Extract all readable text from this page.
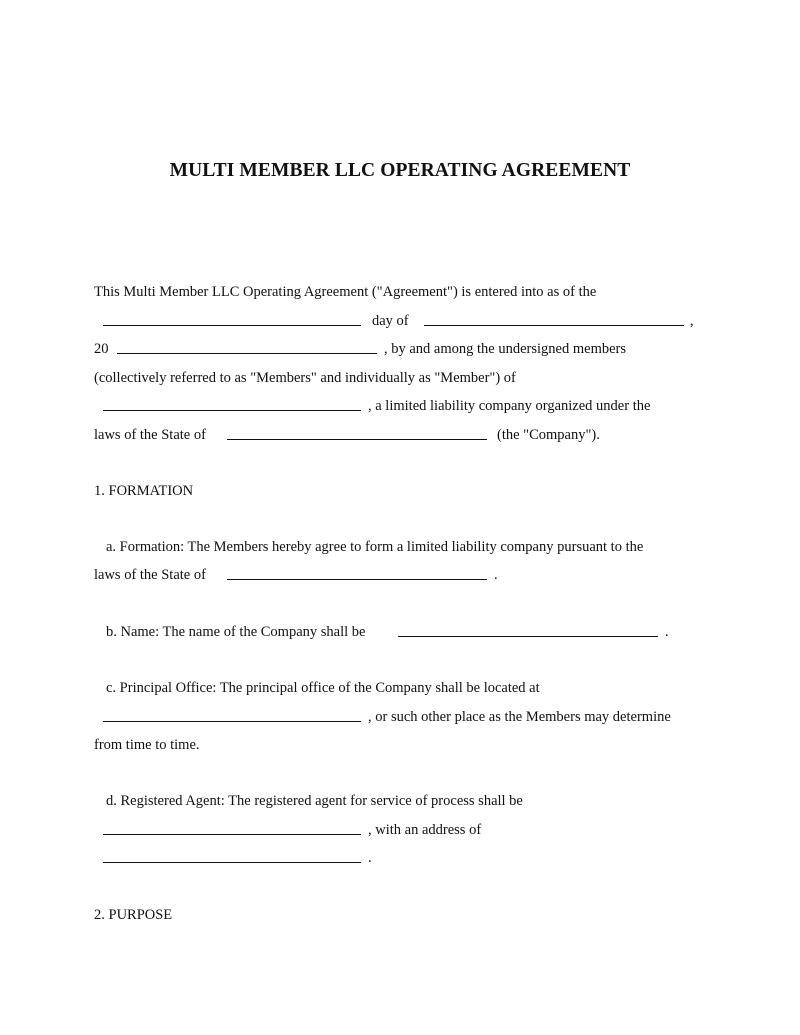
MULTI MEMBER LLC OPERATING AGREEMENT
This Multi Member LLC Operating Agreement ("Agreement") is entered into as of the
day of	,
20	, by and among the undersigned members
(collectively referred to as "Members" and individually as "Member") of
, a limited liability company organized under the
laws of the State of	(the "Company").
1. FORMATION
a. Formation: The Members hereby agree to form a limited liability company pursuant to the
laws of the State of	.
b. Name: The name of the Company shall be	.
c. Principal Office: The principal office of the Company shall be located at
, or such other place as the Members may determine
from time to time.
d. Registered Agent: The registered agent for service of process shall be
, with an address of
.
2. PURPOSE
